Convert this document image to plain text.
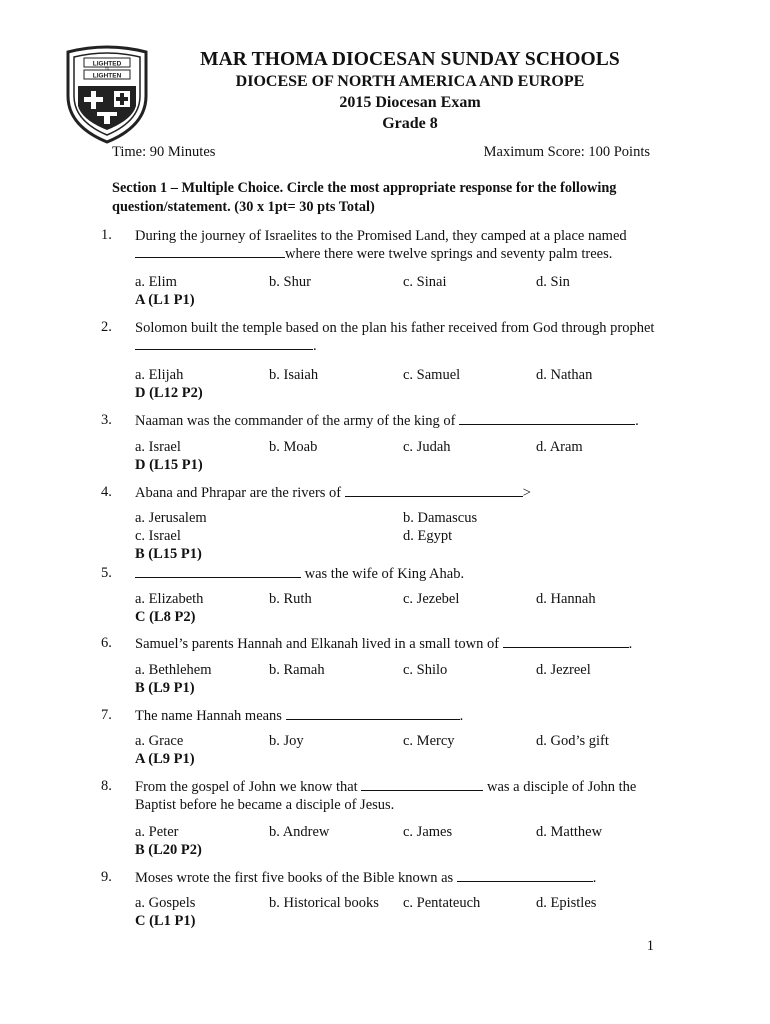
LIGHTED
LIGHTEN
TO	MAR THOMA DIOCESAN SUNDAY SCHOOLS
DIOCESE OF NORTH AMERICA AND EUROPE
2015 Diocesan Exam
Grade 8
Time: 90 Minutes	Maximum Score: 100 Points
Section 1 – Multiple Choice. Circle the most appropriate response for the following question/statement. (30 x 1pt= 30 pts Total)
1.	During the journey of Israelites to the Promised Land, they camped at a place named
where there were twelve springs and seventy palm trees.
a. Elim	b. Shur	c. Sinai	d. Sin
A (L1 P1)
2.	Solomon built the temple based on the plan his father received from God through prophet .
a. Elijah	b. Isaiah	c. Samuel	d. Nathan
D (L12 P2)
3.	Naaman was the commander of the army of the king of	.
a. Israel	b. Moab	c. Judah	d. Aram
D (L15 P1)
4.	Abana and Phrapar are the rivers of	>
a. Jerusalem	b. Damascus
c. Israel	d. Egypt
B (L15 P1)
5.	was the wife of King Ahab.
a. Elizabeth	b. Ruth	c. Jezebel	d. Hannah
C (L8 P2)
6.	Samuel’s parents Hannah and Elkanah lived in a small town of	.
a. Bethlehem	b. Ramah	c. Shilo	d. Jezreel
B (L9 P1)
7.	The name Hannah means	.
a. Grace	b. Joy	c. Mercy	d. God’s gift
A (L9 P1)
8.	From the gospel of John we know that	was a disciple of John the Baptist before he became a disciple of Jesus.
a. Peter	b. Andrew	c. James	d. Matthew
B (L20 P2)
9.	Moses wrote the first five books of the Bible known as	.
a. Gospels	b. Historical books c. Pentateuch	d. Epistles
C (L1 P1)
1
